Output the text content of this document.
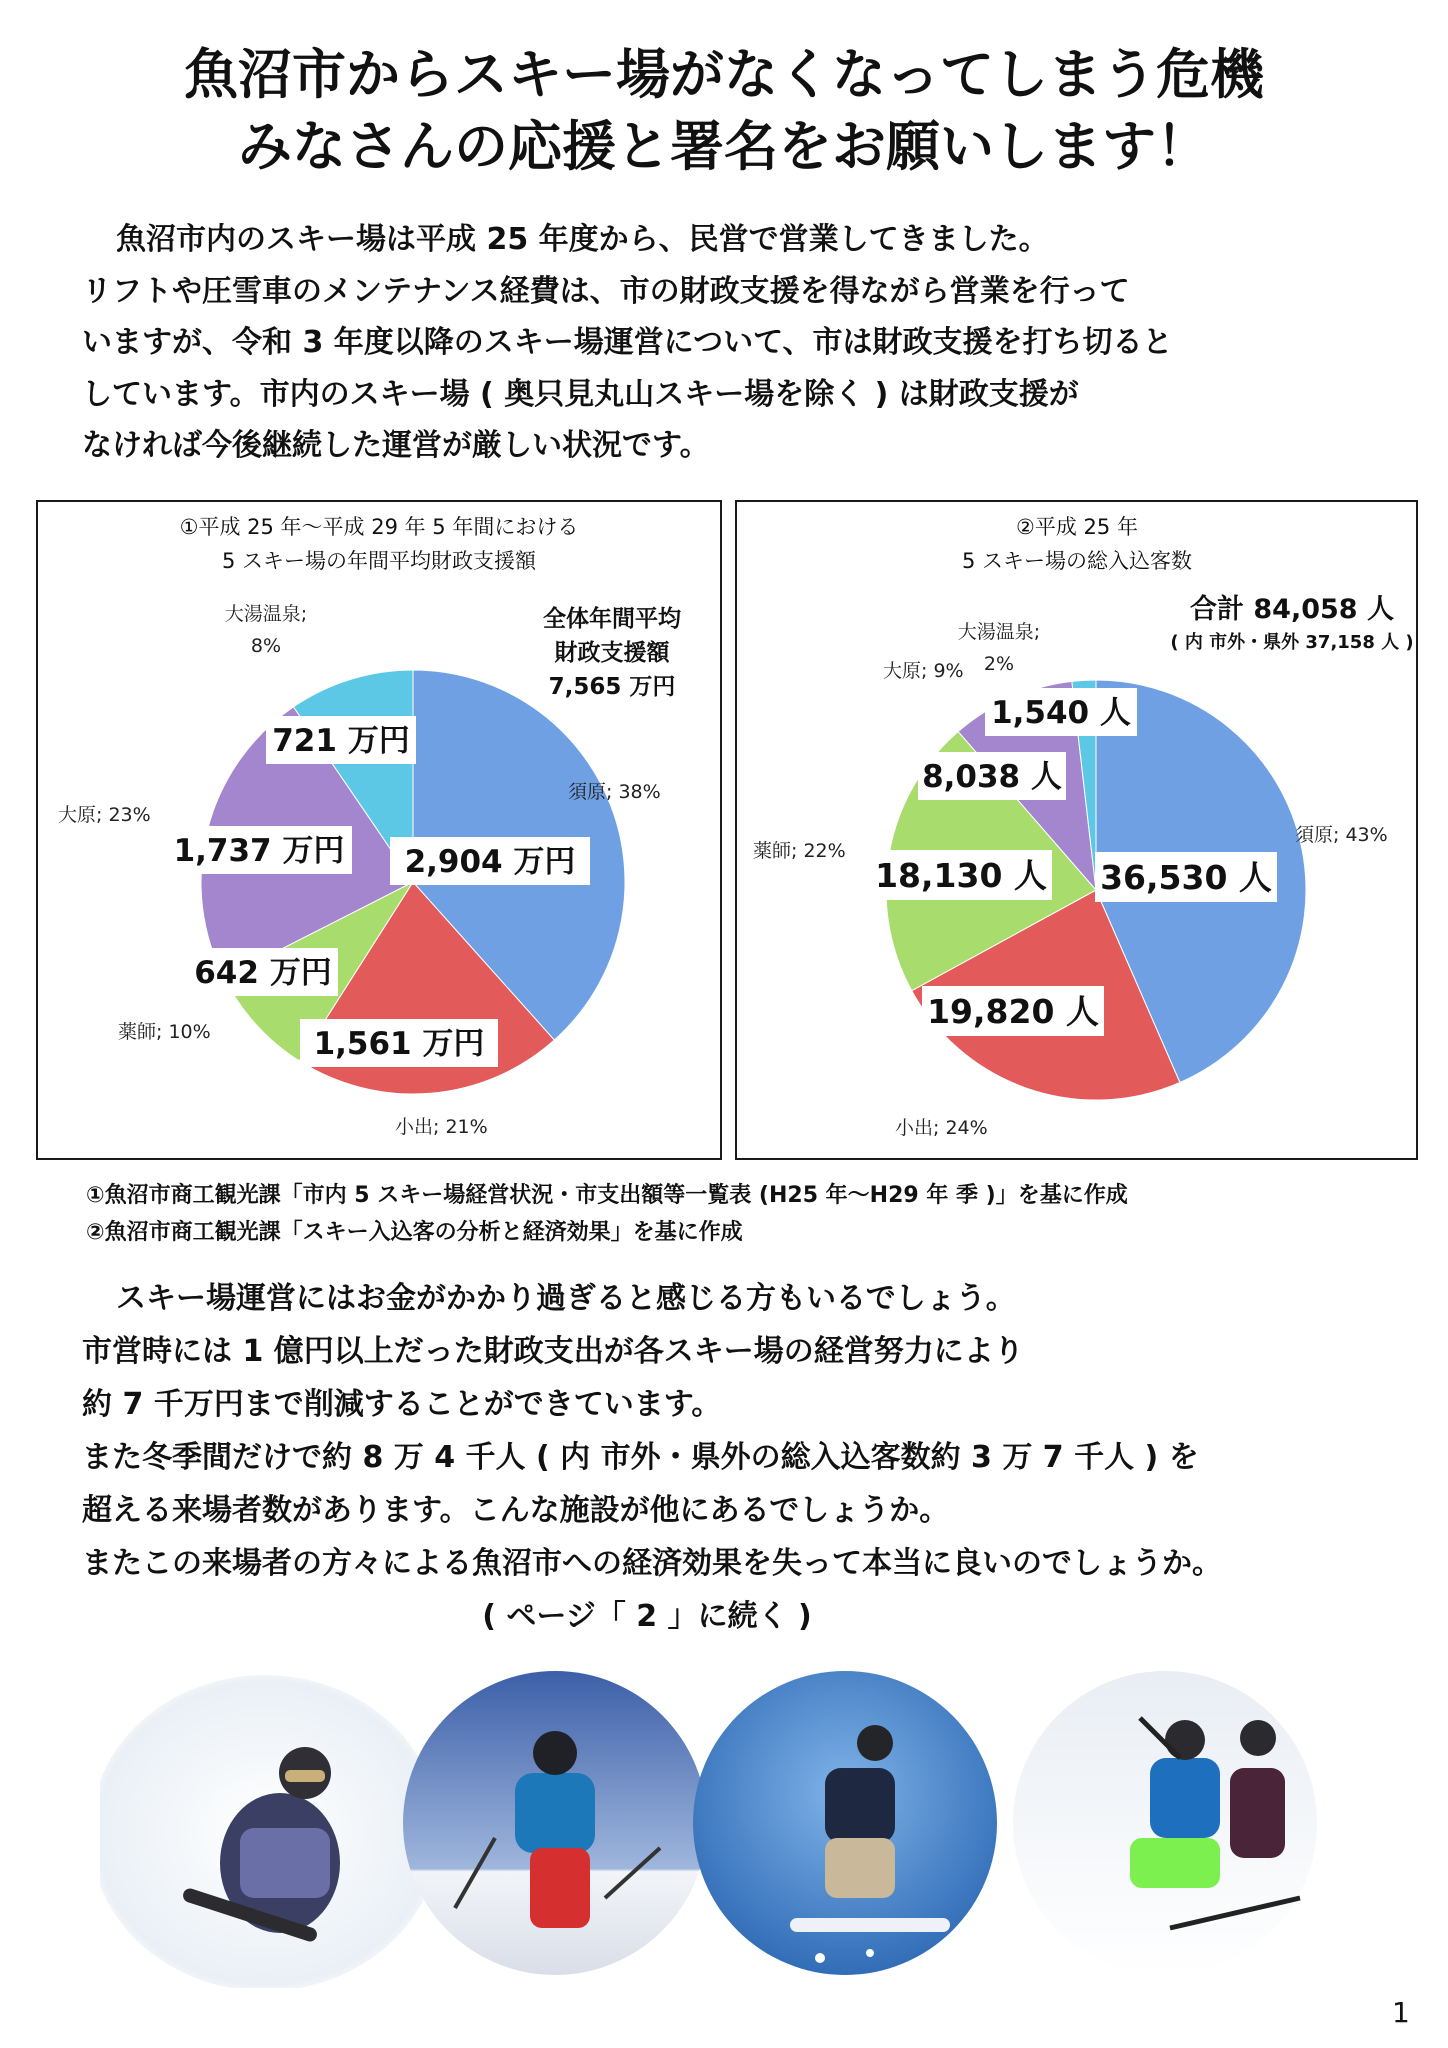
魚沼市からスキー場がなくなってしまう危機
みなさんの応援と署名をお願いします！
魚沼市内のスキー場は平成 25 年度から、民営で営業してきました。
リフトや圧雪車のメンテナンス経費は、市の財政支援を得ながら営業を行って
いますが、令和 3 年度以降のスキー場運営について、市は財政支援を打ち切ると
しています。市内のスキー場 ( 奥只見丸山スキー場を除く ) は財政支援が
なければ今後継続した運営が厳しい状況です。
①平成 25 年〜平成 29 年 5 年間における
5 スキー場の年間平均財政支援額
全体年間平均
財政支援額
7,565 万円
須原; 38%
小出; 21%
薬師; 10%
大原; 23%
大湯温泉;
8%
2,904 万円
1,561 万円
642 万円
1,737 万円
721 万円
②平成 25 年
5 スキー場の総入込客数
合計 84,058 人
( 内 市外・県外 37,158 人 )
須原; 43%
小出; 24%
薬師; 22%
大原; 9%
大湯温泉;
2%
36,530 人
19,820 人
18,130 人
8,038 人
1,540 人
①魚沼市商工観光課「市内 5 スキー場経営状況・市支出額等一覧表 (H25 年〜H29 年 季 )」を基に作成
②魚沼市商工観光課「スキー入込客の分析と経済効果」を基に作成
スキー場運営にはお金がかかり過ぎると感じる方もいるでしょう。
市営時には 1 億円以上だった財政支出が各スキー場の経営努力により
約 7 千万円まで削減することができています。
また冬季間だけで約 8 万 4 千人 ( 内 市外・県外の総入込客数約 3 万 7 千人 ) を
超える来場者数があります。こんな施設が他にあるでしょうか。
またこの来場者の方々による魚沼市への経済効果を失って本当に良いのでしょうか。
( ページ「 2 」に続く )
1
